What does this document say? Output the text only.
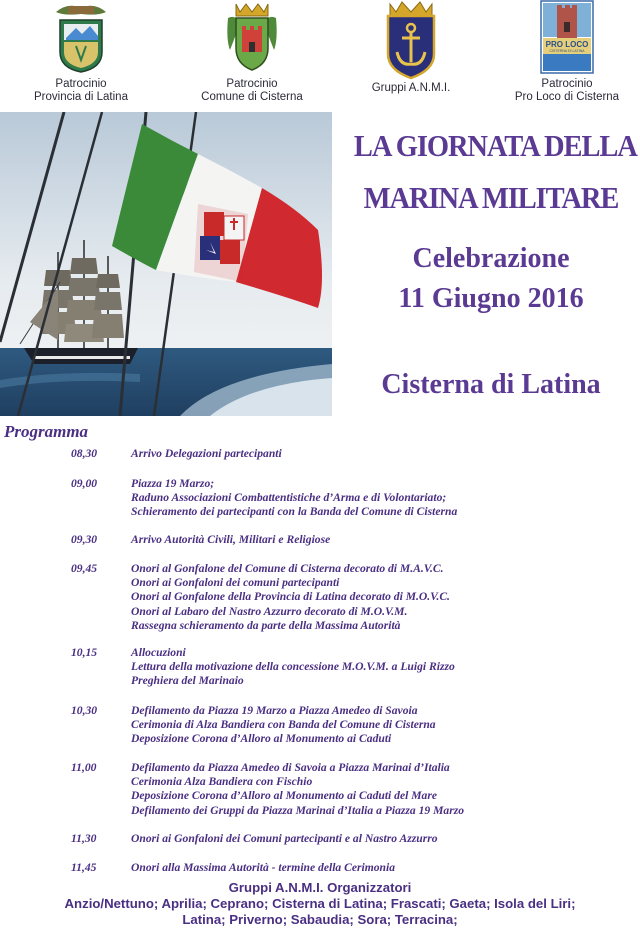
Patrocinio
Provincia di Latina
Patrocinio
Comune di Cisterna
Gruppi A.N.M.I.
PRO LOCO
CISTERNA DI LATINA
Patrocinio
Pro Loco di Cisterna
LA GIORNATA DELLA
MARINA MILITARE
Celebrazione
11 Giugno 2016
Cisterna di Latina
Programma
08,30	Arrivo Delegazioni partecipanti
09,00	Piazza 19 Marzo;
Raduno Associazioni Combattentistiche d’Arma e di Volontariato;
Schieramento dei partecipanti con la Banda del Comune di Cisterna
09,30	Arrivo Autorità Civili, Militari e Religiose
09,45	Onori al Gonfalone del Comune di Cisterna decorato di M.A.V.C.
Onori ai Gonfaloni dei comuni partecipanti
Onori al Gonfalone della Provincia di Latina decorato di M.O.V.C.
Onori al Labaro del Nastro Azzurro decorato di M.O.V.M.
Rassegna schieramento da parte della Massima Autorità
10,15	Allocuzioni
Lettura della motivazione della concessione M.O.V.M. a Luigi Rizzo
Preghiera del Marinaio
10,30	Defilamento da Piazza 19 Marzo a Piazza Amedeo di Savoia
Cerimonia di Alza Bandiera con Banda del Comune di Cisterna
Deposizione Corona d’Alloro al Monumento ai Caduti
11,00	Defilamento da Piazza Amedeo di Savoia a Piazza Marinai d’Italia
Cerimonia Alza Bandiera con Fischio
Deposizione Corona d’Alloro al Monumento ai Caduti del Mare
Defilamento dei Gruppi da Piazza Marinai d’Italia a Piazza 19 Marzo
11,30	Onori ai Gonfaloni dei Comuni partecipanti e al Nastro Azzurro
11,45	Onori alla Massima Autorità - termine della Cerimonia
Gruppi A.N.M.I. Organizzatori
Anzio/Nettuno; Aprilia; Ceprano; Cisterna di Latina; Frascati; Gaeta; Isola del Liri;
Latina; Priverno; Sabaudia; Sora; Terracina;
